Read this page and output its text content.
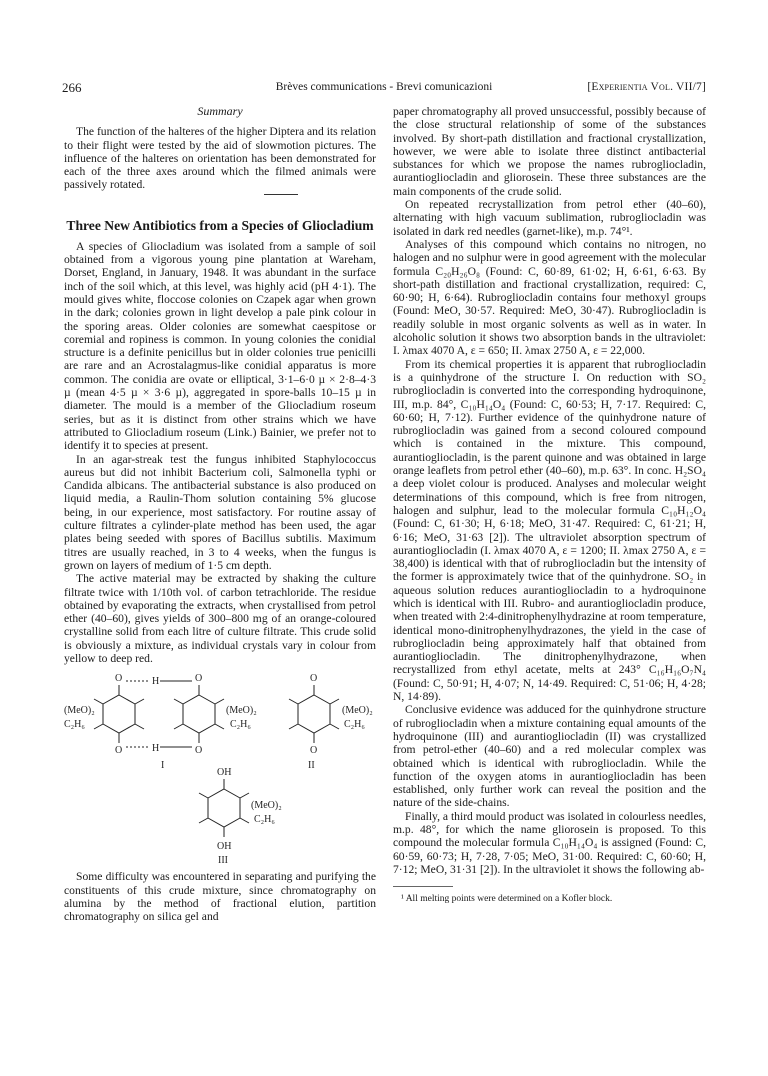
266	Brèves communications - Brevi comunicazioni	[Experientia Vol. VII/7]
Summary

The function of the halteres of the higher Diptera and its relation to their flight were tested by the aid of slowmotion pictures. The influence of the halteres on orientation has been demonstrated for each of the three axes around which the filmed animals were passively rotated.

Three New Antibiotics from a Species of Gliocladium

A species of Gliocladium was isolated from a sample of soil obtained from a vigorous young pine plantation at Wareham, Dorset, England, in January, 1948. It was abundant in the surface inch of the soil which, at this level, was highly acid (pH 4·1). The mould gives white, floccose colonies on Czapek agar when grown in the dark; colonies grown in light develop a pale pink colour in the sporing areas. Older colonies are somewhat caespitose or coremial and ropiness is common. In young colonies the conidial structure is a definite penicillus but in older colonies true penicilli are rare and an Acrostalagmus-like conidial apparatus is more common. The conidia are ovate or elliptical, 3·1–6·0 µ × 2·8–4·3 µ (mean 4·5 µ × 3·6 µ), aggregated in spore-balls 10–15 µ in diameter. The mould is a member of the Gliocladium roseum series, but as it is distinct from other strains which we have attributed to Gliocladium roseum (Link.) Bainier, we prefer not to identify it to species at present.

In an agar-streak test the fungus inhibited Staphylococcus aureus but did not inhibit Bacterium coli, Salmonella typhi or Candida albicans. The antibacterial substance is also produced on liquid media, a Raulin-Thom solution containing 5% glucose being, in our experience, most satisfactory. For routine assay of culture filtrates a cylinder-plate method has been used, the agar plates being seeded with spores of Bacillus subtilis. Maximum titres are usually reached, in 3 to 4 weeks, when the fungus is grown on layers of medium of 1·5 cm depth.

The active material may be extracted by shaking the culture filtrate twice with 1/10th vol. of carbon tetrachloride. The residue obtained by evaporating the extracts, when crystallised from petrol ether (40–60), gives yields of 300–800 mg of an orange-coloured crystalline solid from each litre of culture filtrate. This crude solid is obviously a mixture, as individual crystals vary in colour from yellow to deep red.

O	H	O
O	H	O
(MeO)₂
C₂H₆
(MeO)₂
C₂H₆
I
O
O
(MeO)₂
C₂H₆
II
OH
(MeO)₂
C₂H₆
OH
III

Some difficulty was encountered in separating and purifying the constituents of this crude mixture, since chromatography on alumina by the method of fractional elution, partition chromatography on silica gel and

paper chromatography all proved unsuccessful, possibly because of the close structural relationship of some of the substances involved. By short-path distillation and fractional crystallization, however, we were able to isolate three distinct antibacterial substances for which we propose the names rubrogliocladin, aurantiogliocladin and gliorosein. These three substances are the main components of the crude solid.

On repeated recrystallization from petrol ether (40–60), alternating with high vacuum sublimation, rubrogliocladin was isolated in dark red needles (garnet-like), m.p. 74°¹.

Analyses of this compound which contains no nitrogen, no halogen and no sulphur were in good agreement with the molecular formula C₂₀H₂₆O₈ (Found: C, 60·89, 61·02; H, 6·61, 6·63. By short-path distillation and fractional crystallization, required: C, 60·90; H, 6·64). Rubrogliocladin contains four methoxyl groups (Found: MeO, 30·57. Required: MeO, 30·47). Rubrogliocladin is readily soluble in most organic solvents as well as in water. In alcoholic solution it shows two absorption bands in the ultraviolet: I. λmax 4070 A, ε = 650; II. λmax 2750 A, ε = 22,000.

From its chemical properties it is apparent that rubrogliocladin is a quinhydrone of the structure I. On reduction with SO₂ rubrogliocladin is converted into the corresponding hydroquinone, III, m.p. 84°, C₁₀H₁₄O₄ (Found: C, 60·53; H, 7·17. Required: C, 60·60; H, 7·12). Further evidence of the quinhydrone nature of rubrogliocladin was gained from a second coloured compound which is contained in the mixture. This compound, aurantiogliocladin, is the parent quinone and was obtained in large orange leaflets from petrol ether (40–60), m.p. 63°. In conc. H₂SO₄ a deep violet colour is produced. Analyses and molecular weight determinations of this compound, which is free from nitrogen, halogen and sulphur, lead to the molecular formula C₁₀H₁₂O₄ (Found: C, 61·30; H, 6·18; MeO, 31·47. Required: C, 61·21; H, 6·16; MeO, 31·63 [2]). The ultraviolet absorption spectrum of aurantiogliocladin (I. λmax 4070 A, ε = 1200; II. λmax 2750 A, ε = 38,400) is identical with that of rubrogliocladin but the intensity of the former is approximately twice that of the quinhydrone. SO₂ in aqueous solution reduces aurantiogliocladin to a hydroquinone which is identical with III. Rubro- and aurantiogliocladin produce, when treated with 2:4-dinitrophenylhydrazine at room temperature, identical mono-dinitrophenylhydrazones, the yield in the case of rubrogliocladin being approximately half that obtained from aurantiogliocladin. The dinitrophenylhydrazone, when recrystallized from ethyl acetate, melts at 243° C₁₆H₁₆O₇N₄ (Found: C, 50·91; H, 4·07; N, 14·49. Required: C, 51·06; H, 4·28; N, 14·89).

Conclusive evidence was adduced for the quinhydrone structure of rubrogliocladin when a mixture containing equal amounts of the hydroquinone (III) and aurantiogliocladin (II) was crystallized from petrol-ether (40–60) and a red molecular complex was obtained which is identical with rubrogliocladin. While the function of the oxygen atoms in aurantiogliocladin has been established, only further work can reveal the position and the nature of the side-chains.

Finally, a third mould product was isolated in colourless needles, m.p. 48°, for which the name gliorosein is proposed. To this compound the molecular formula C₁₀H₁₄O₄ is assigned (Found: C, 60·59, 60·73; H, 7·28, 7·05; MeO, 31·00. Required: C, 60·60; H, 7·12; MeO, 31·31 [2]). In the ultraviolet it shows the following ab-

¹ All melting points were determined on a Kofler block.
